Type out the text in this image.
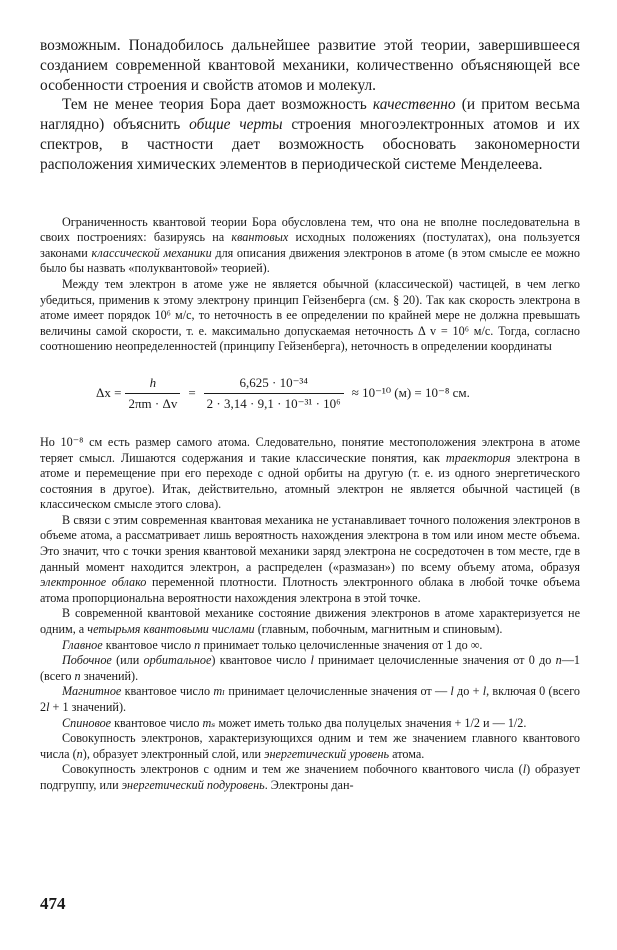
возможным. Понадобилось дальнейшее развитие этой теории, завершившееся созданием современной квантовой механики, количественно объясняющей все особенности строения и свойств атомов и молекул.

Тем не менее теория Бора дает возможность качественно (и притом весьма наглядно) объяснить общие черты строения многоэлектронных атомов и их спектров, в частности дает возможность обосновать закономерности расположения химических элементов в периодической системе Менделеева.

Ограниченность квантовой теории Бора обусловлена тем, что она не вполне последовательна в своих построениях: базируясь на квантовых исходных положениях (постулатах), она пользуется законами классической механики для описания движения электронов в атоме (в этом смысле ее можно было бы назвать «полуквантовой» теорией).

Между тем электрон в атоме уже не является обычной (классической) частицей, в чем легко убедиться, применив к этому электрону принцип Гейзенберга (см. § 20). Так как скорость электрона в атоме имеет порядок 10⁶ м/с, то неточность в ее определении по крайней мере не должна превышать величины самой скорости, т. е. максимально допускаемая неточность Δ v = 10⁶ м/с. Тогда, согласно соотношению неопределенностей (принципу Гейзенберга), неточность в определении координаты

$\Delta x = \frac{h}{2\pi m \cdot \Delta v} = \frac{\text{6,625 · 10⁻³⁴}}{\text{2 · 3,14 · 9,1 · 10⁻³¹ · 10⁶}} \approx 10^{-10}$ (м) = 10⁻⁸ см.

Но 10⁻⁸ см есть размер самого атома. Следовательно, понятие местоположения электрона в атоме теряет смысл. Лишаются содержания и такие классические понятия, как траектория электрона в атоме и перемещение при его переходе с одной орбиты на другую (т. е. из одного энергетического состояния в другое). Итак, действительно, атомный электрон не является обычной частицей (в классическом смысле этого слова).

В связи с этим современная квантовая механика не устанавливает точного положения электронов в объеме атома, а рассматривает лишь вероятность нахождения электрона в том или ином месте объема. Это значит, что с точки зрения квантовой механики заряд электрона не сосредоточен в том месте, где в данный момент находится электрон, а распределен («размазан») по всему объему атома, образуя электронное облако переменной плотности. Плотность электронного облака в любой точке объема атома пропорциональна вероятности нахождения электрона в этой точке.

В современной квантовой механике состояние движения электронов в атоме характеризуется не одним, а четырьмя квантовыми числами (главным, побочным, магнитным и спиновым).

Главное квантовое число n принимает только целочисленные значения от 1 до ∞.

Побочное (или орбитальное) квантовое число l принимает целочисленные значения от 0 до n—1 (всего n значений).

Магнитное квантовое число mₗ принимает целочисленные значения от — l до + l, включая 0 (всего 2l + 1 значений).

Спиновое квантовое число mₛ может иметь только два полуцелых значения + 1/2 и — 1/2.

Совокупность электронов, характеризующихся одним и тем же значением главного квантового числа (n), образует электронный слой, или энергетический уровень атома.

Совокупность электронов с одним и тем же значением побочного квантового числа (l) образует подгруппу, или энергетический подуровень. Электроны дан-

474
